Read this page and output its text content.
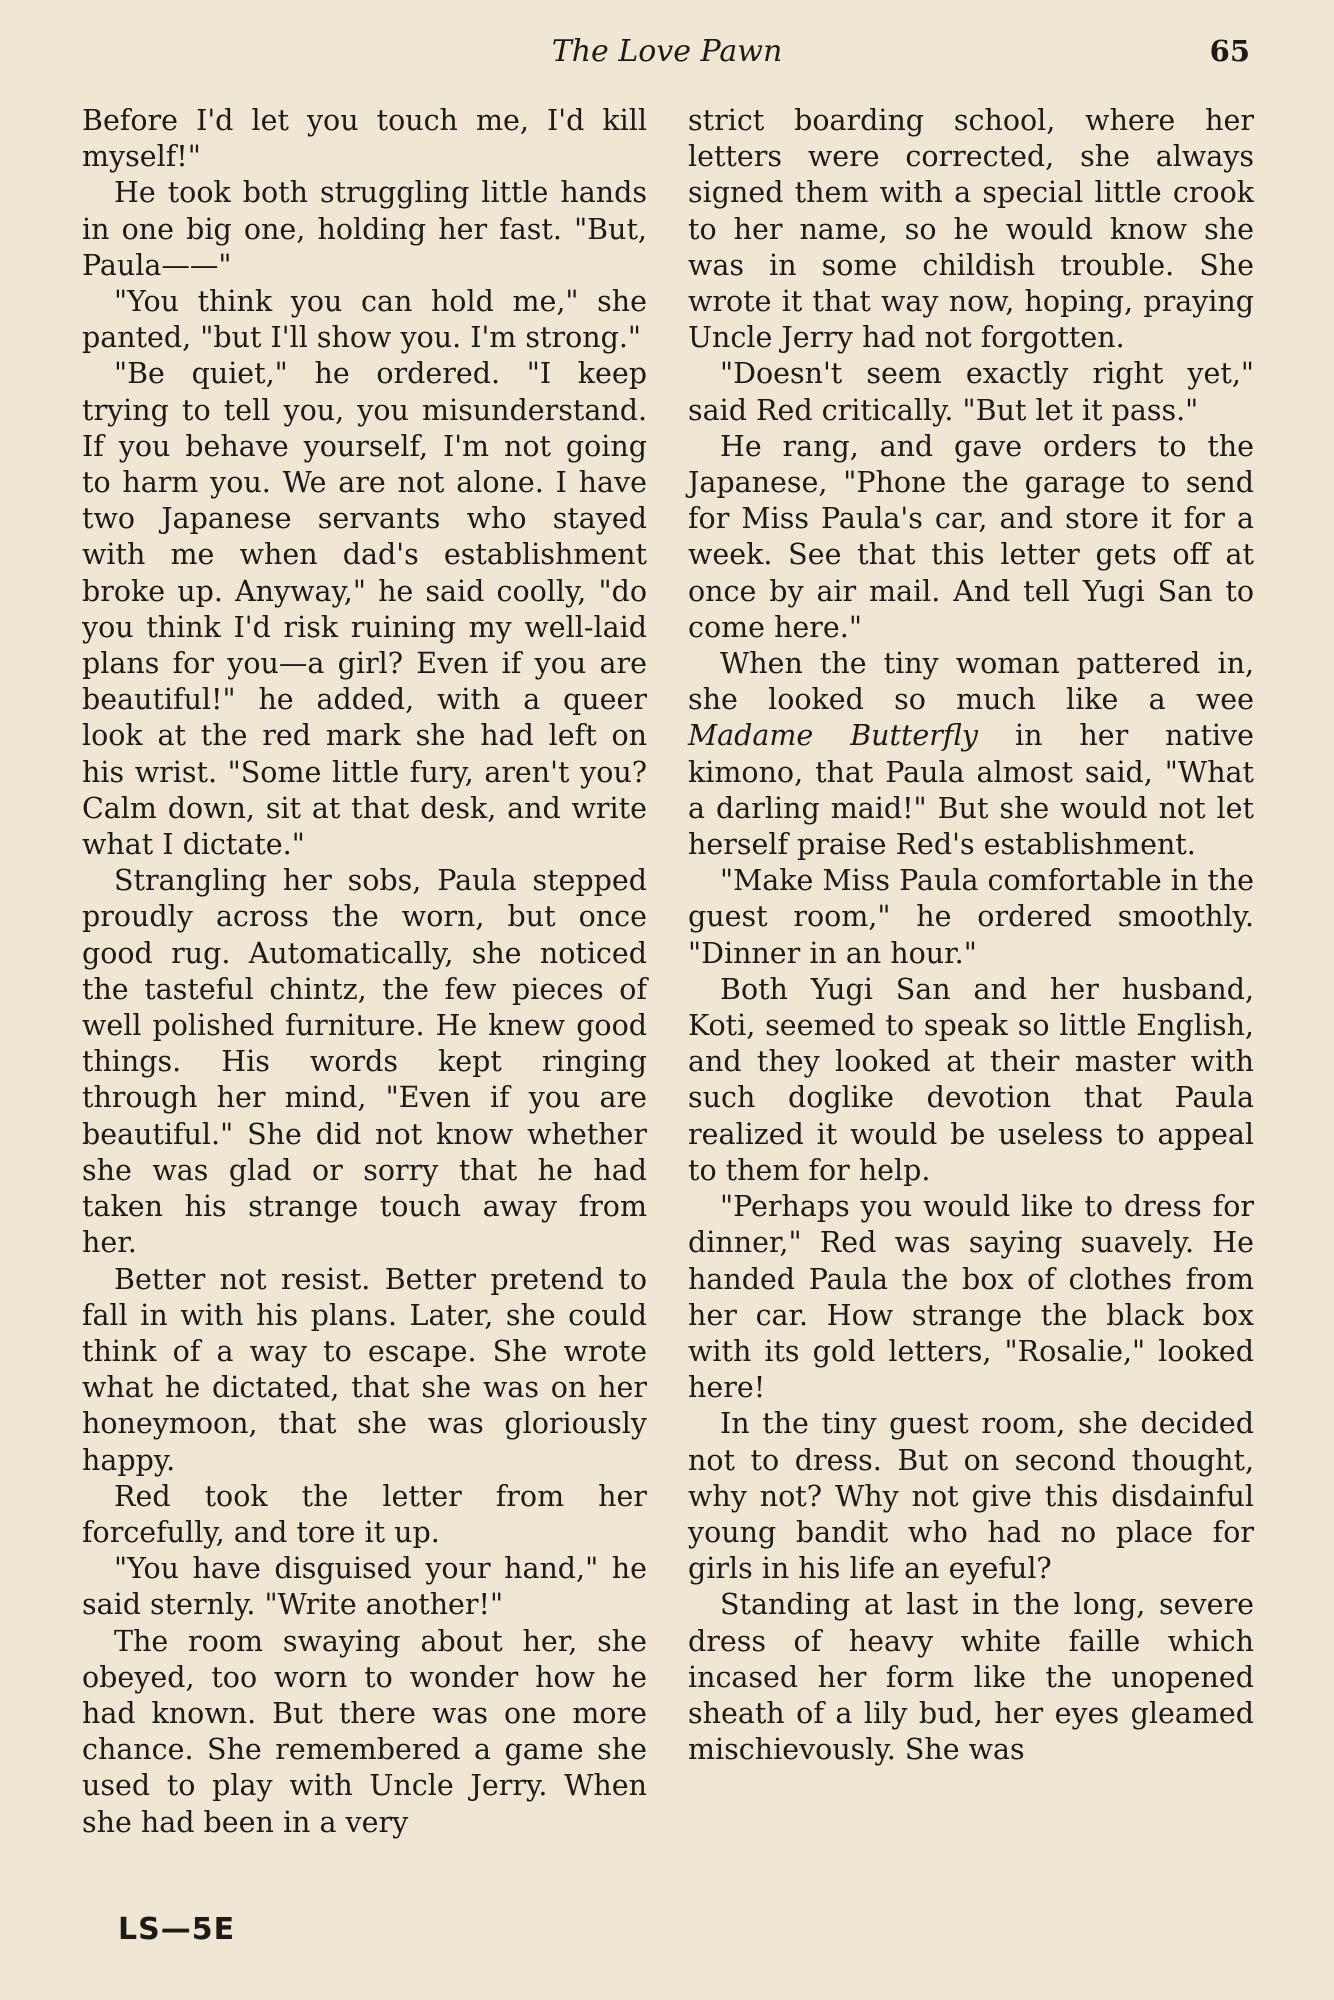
The Love Pawn	65

Before I'd let you touch me, I'd kill myself!"

He took both struggling little hands in one big one, holding her fast. "But, Paula——"

"You think you can hold me," she panted, "but I'll show you. I'm strong."

"Be quiet," he ordered. "I keep trying to tell you, you misunderstand. If you behave yourself, I'm not going to harm you. We are not alone. I have two Japanese servants who stayed with me when dad's establishment broke up. Anyway," he said coolly, "do you think I'd risk ruining my well-laid plans for you—a girl? Even if you are beautiful!" he added, with a queer look at the red mark she had left on his wrist. "Some little fury, aren't you? Calm down, sit at that desk, and write what I dictate."

Strangling her sobs, Paula stepped proudly across the worn, but once good rug. Automatically, she noticed the tasteful chintz, the few pieces of well polished furniture. He knew good things. His words kept ringing through her mind, "Even if you are beautiful." She did not know whether she was glad or sorry that he had taken his strange touch away from her.

Better not resist. Better pretend to fall in with his plans. Later, she could think of a way to escape. She wrote what he dictated, that she was on her honeymoon, that she was gloriously happy.

Red took the letter from her forcefully, and tore it up.

"You have disguised your hand," he said sternly. "Write another!"

The room swaying about her, she obeyed, too worn to wonder how he had known. But there was one more chance. She remembered a game she used to play with Uncle Jerry. When she had been in a very

strict boarding school, where her letters were corrected, she always signed them with a special little crook to her name, so he would know she was in some childish trouble. She wrote it that way now, hoping, praying Uncle Jerry had not forgotten.

"Doesn't seem exactly right yet," said Red critically. "But let it pass."

He rang, and gave orders to the Japanese, "Phone the garage to send for Miss Paula's car, and store it for a week. See that this letter gets off at once by air mail. And tell Yugi San to come here."

When the tiny woman pattered in, she looked so much like a wee Madame Butterfly in her native kimono, that Paula almost said, "What a darling maid!" But she would not let herself praise Red's establishment.

"Make Miss Paula comfortable in the guest room," he ordered smoothly. "Dinner in an hour."

Both Yugi San and her husband, Koti, seemed to speak so little English, and they looked at their master with such doglike devotion that Paula realized it would be useless to appeal to them for help.

"Perhaps you would like to dress for dinner," Red was saying suavely. He handed Paula the box of clothes from her car. How strange the black box with its gold letters, "Rosalie," looked here!

In the tiny guest room, she decided not to dress. But on second thought, why not? Why not give this disdainful young bandit who had no place for girls in his life an eyeful?

Standing at last in the long, severe dress of heavy white faille which incased her form like the unopened sheath of a lily bud, her eyes gleamed mischievously. She was

LS—5E
